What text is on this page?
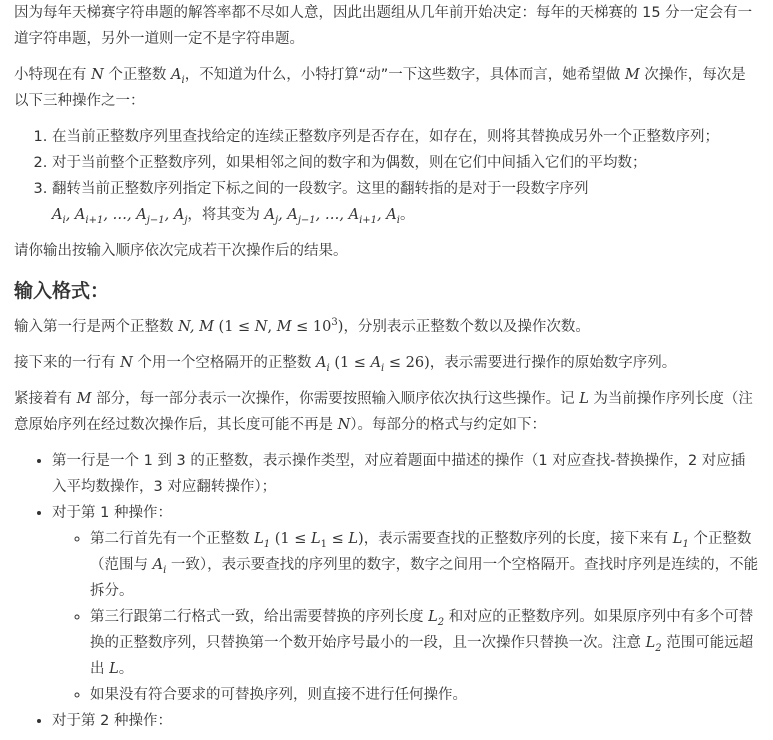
因为每年天梯赛字符串题的解答率都不尽如人意，因此出题组从几年前开始决定：每年的天梯赛的 15 分一定会有一道字符串题，另外一道则一定不是字符串题。

小特现在有 N 个正整数 $A_i$，不知道为什么，小特打算“动”一下这些数字，具体而言，她希望做 M 次操作，每次是以下三种操作之一：

1. 在当前正整数序列里查找给定的连续正整数序列是否存在，如存在，则将其替换成另外一个正整数序列；
2. 对于当前整个正整数序列，如果相邻之间的数字和为偶数，则在它们中间插入它们的平均数；
3. 翻转当前正整数序列指定下标之间的一段数字。这里的翻转指的是对于一段数字序列
$A_i$, $A_{i+1}$, …, $A_{j-1}$, $A_j$，将其变为 $A_j$, $A_{j-1}$, …, $A_{i+1}$, $A_i$。

请你输出按输入顺序依次完成若干次操作后的结果。

输入格式：

输入第一行是两个正整数 N, M (1 ≤ N, $M \le 10^3$)，分别表示正整数个数以及操作次数。

接下来的一行有 N 个用一个空格隔开的正整数 $A_i$ $(1 \le A_i \le 26)$，表示需要进行操作的原始数字序列。

紧接着有 M 部分，每一部分表示一次操作，你需要按照输入顺序依次执行这些操作。记 L 为当前操作序列长度（注意原始序列在经过数次操作后，其长度可能不再是 N）。每部分的格式与约定如下：

• 第一行是一个 1 到 3 的正整数，表示操作类型，对应着题面中描述的操作（1 对应查找-替换操作，2 对应插入平均数操作，3 对应翻转操作）；
• 对于第 1 种操作：
◦ 第二行首先有一个正整数 $L_1$ $(1 \le L_1 \le L)$，表示需要查找的正整数序列的长度，接下来有 $L_1$ 个正整数（范围与 $A_i$ 一致），表示要查找的序列里的数字，数字之间用一个空格隔开。查找时序列是连续的，不能拆分。
◦ 第三行跟第二行格式一致，给出需要替换的序列长度 $L_2$ 和对应的正整数序列。如果原序列中有多个可替换的正整数序列，只替换第一个数开始序号最小的一段，且一次操作只替换一次。注意 $L_2$ 范围可能远超出 L。
◦ 如果没有符合要求的可替换序列，则直接不进行任何操作。
• 对于第 2 种操作：
